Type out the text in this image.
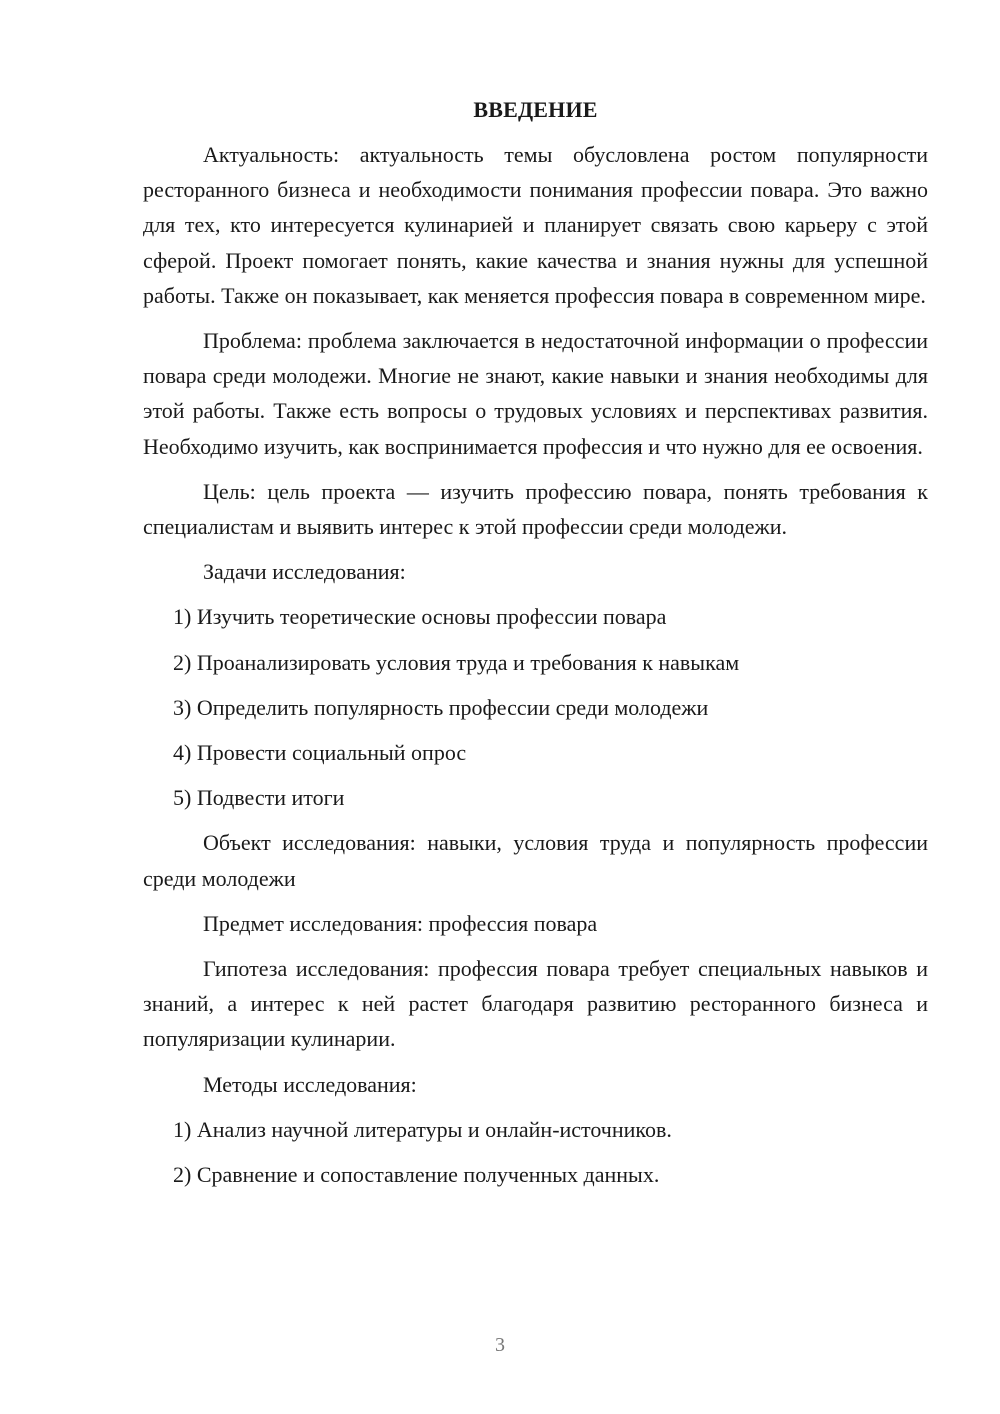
ВВЕДЕНИЕ

Актуальность: актуальность темы обусловлена ростом популярности ресторанного бизнеса и необходимости понимания профессии повара. Это важно для тех, кто интересуется кулинарией и планирует связать свою карьеру с этой сферой. Проект помогает понять, какие качества и знания нужны для успешной работы. Также он показывает, как меняется профессия повара в современном мире.

Проблема: проблема заключается в недостаточной информации о профессии повара среди молодежи. Многие не знают, какие навыки и знания необходимы для этой работы. Также есть вопросы о трудовых условиях и перспективах развития. Необходимо изучить, как воспринимается профессия и что нужно для ее освоения.

Цель: цель проекта — изучить профессию повара, понять требования к специалистам и выявить интерес к этой профессии среди молодежи.

Задачи исследования:

1) Изучить теоретические основы профессии повара

2) Проанализировать условия труда и требования к навыкам

3) Определить популярность профессии среди молодежи

4) Провести социальный опрос

5) Подвести итоги

Объект исследования: навыки, условия труда и популярность профессии среди молодежи

Предмет исследования: профессия повара

Гипотеза исследования: профессия повара требует специальных навыков и знаний, а интерес к ней растет благодаря развитию ресторанного бизнеса и популяризации кулинарии.

Методы исследования:

1) Анализ научной литературы и онлайн-источников.

2) Сравнение и сопоставление полученных данных.

3
